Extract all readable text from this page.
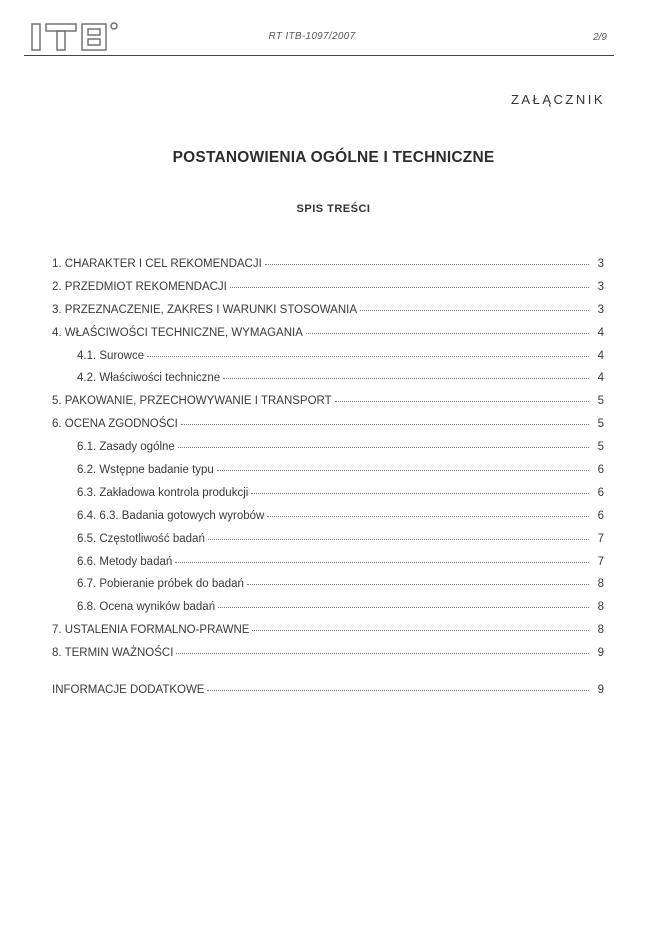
RT ITB-1097/2007	2/9
ZAŁĄCZNIK
POSTANOWIENIA OGÓLNE I TECHNICZNE
SPIS TREŚCI
1. CHARAKTER I CEL REKOMENDACJI	3
2. PRZEDMIOT REKOMENDACJI	3
3. PRZEZNACZENIE, ZAKRES I WARUNKI STOSOWANIA	3
4. WŁAŚCIWOŚCI TECHNICZNE, WYMAGANIA	4
4.1. Surowce	4
4.2. Właściwości techniczne	4
5. PAKOWANIE, PRZECHOWYWANIE I TRANSPORT	5
6. OCENA ZGODNOŚCI	5
6.1. Zasady ogólne	5
6.2. Wstępne badanie typu	6
6.3. Zakładowa kontrola produkcji	6
6.4. 6.3. Badania gotowych wyrobów	6
6.5. Częstotliwość badań	7
6.6. Metody badań	7
6.7. Pobieranie próbek do badań	8
6.8. Ocena wyników badań	8
7. USTALENIA FORMALNO-PRAWNE	8
8. TERMIN WAŻNOŚCI	9
INFORMACJE DODATKOWE	9
